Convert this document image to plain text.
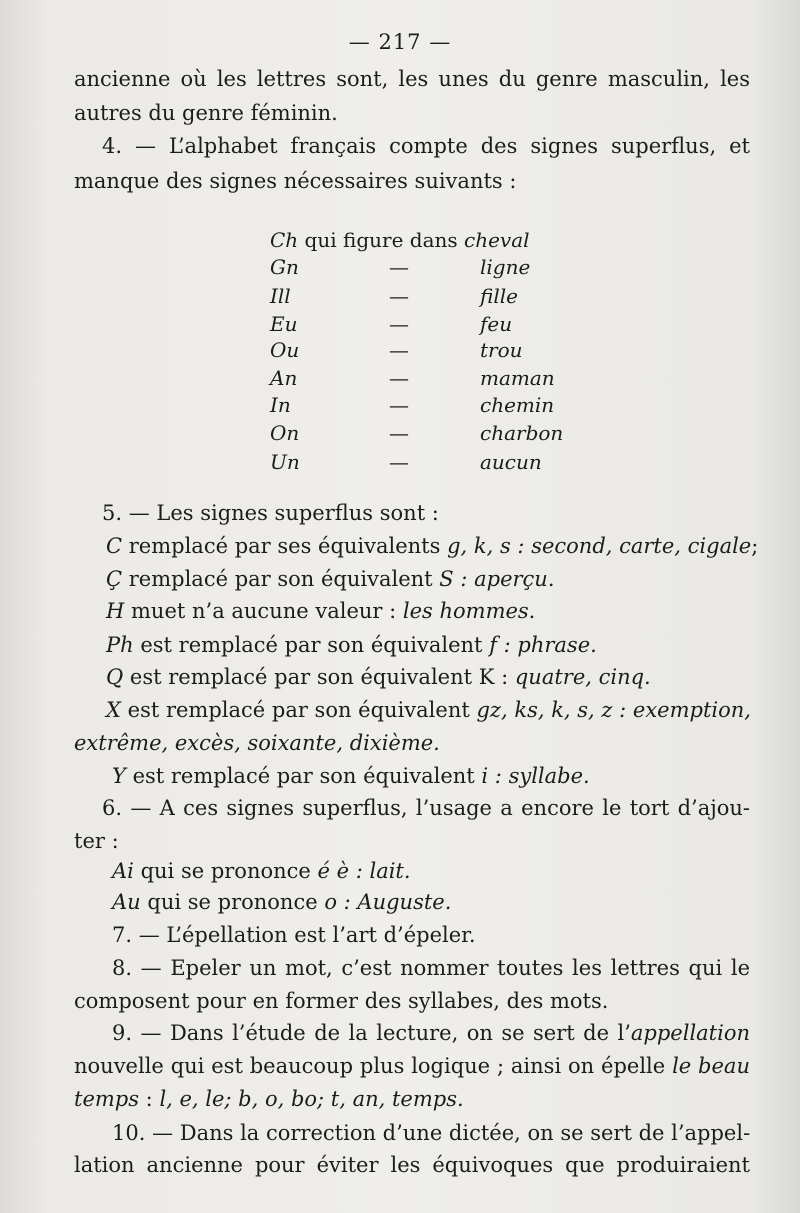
— 217 —
ancienne où les lettres sont, les unes du genre masculin, les
autres du genre féminin.
4. — L’alphabet français compte des signes superflus, et
manque des signes nécessaires suivants :
Ch qui figure dans cheval
Gn	—	ligne
Ill	—	fille
Eu	—	feu
Ou	—	trou
An	—	maman
In	—	chemin
On	—	charbon
Un	—	aucun
5. — Les signes superflus sont :
C remplacé par ses équivalents g, k, s : second, carte, cigale;
Ç remplacé par son équivalent S : aperçu.
H muet n’a aucune valeur : les hommes.
Ph est remplacé par son équivalent f : phrase.
Q est remplacé par son équivalent K : quatre, cinq.
X est remplacé par son équivalent gz, ks, k, s, z : exemption,
extrême, excès, soixante, dixième.
Y est remplacé par son équivalent i : syllabe.
6. — A ces signes superflus, l’usage a encore le tort d’ajou-
ter :
Ai qui se prononce é è : lait.
Au qui se prononce o : Auguste.
7. — L’épellation est l’art d’épeler.
8. — Epeler un mot, c’est nommer toutes les lettres qui le
composent pour en former des syllabes, des mots.
9. — Dans l’étude de la lecture, on se sert de l’appellation
nouvelle qui est beaucoup plus logique ; ainsi on épelle le beau
temps : l, e, le; b, o, bo; t, an, temps.
10. — Dans la correction d’une dictée, on se sert de l’appel-
lation ancienne pour éviter les équivoques que produiraient
